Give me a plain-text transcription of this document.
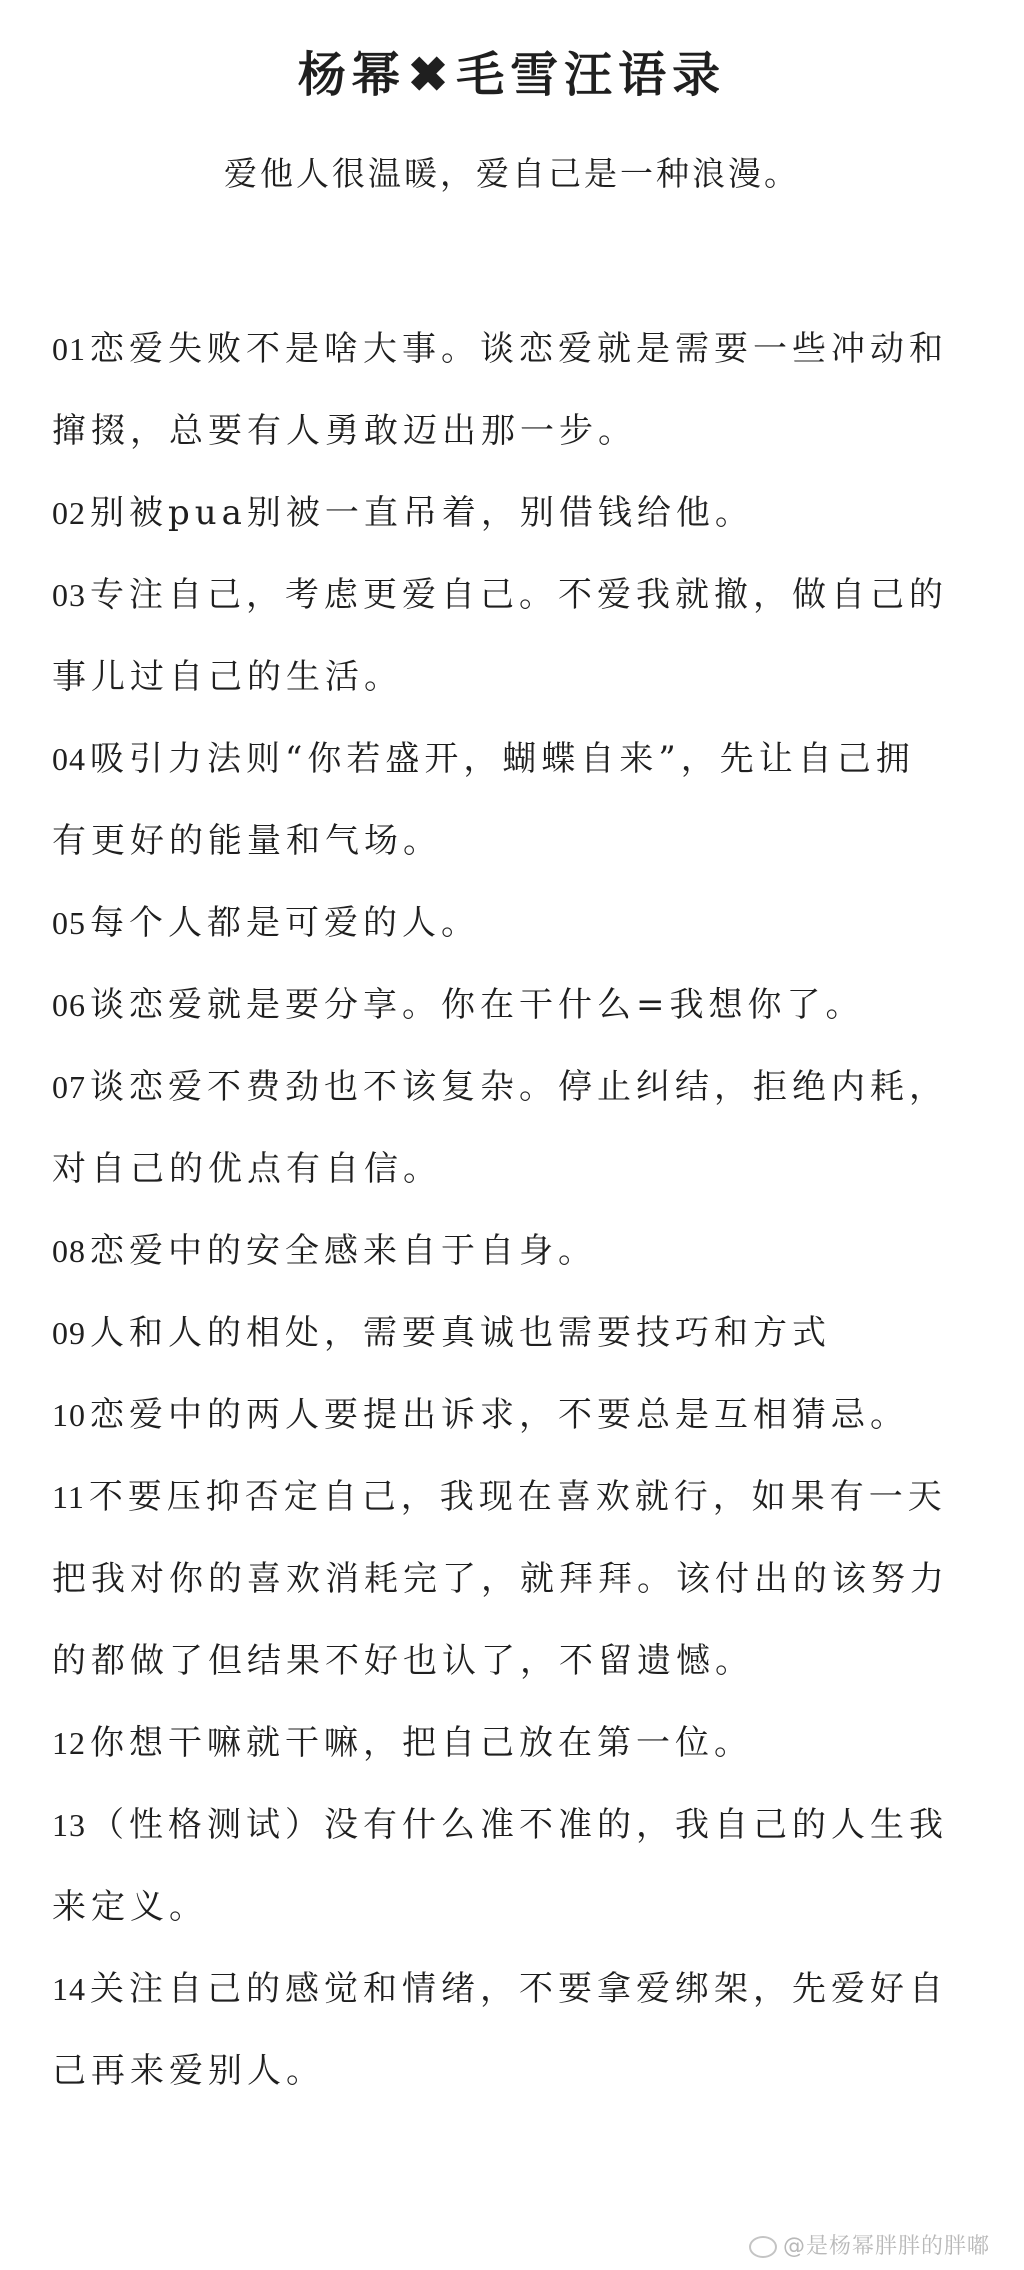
杨幂✖毛雪汪语录
爱他人很温暖，爱自己是一种浪漫。
01 恋爱失败不是啥大事。谈恋爱就是需要一些冲动和撺掇，总要有人勇敢迈出那一步。
02 别被pua别被一直吊着，别借钱给他。
03 专注自己，考虑更爱自己。不爱我就撤，做自己的事儿过自己的生活。
04 吸引力法则“你若盛开，蝴蝶自来”，先让自己拥有更好的能量和气场。
05 每个人都是可爱的人。
06 谈恋爱就是要分享。你在干什么=我想你了。
07 谈恋爱不费劲也不该复杂。停止纠结，拒绝内耗，对自己的优点有自信。
08 恋爱中的安全感来自于自身。
09 人和人的相处，需要真诚也需要技巧和方式
10 恋爱中的两人要提出诉求，不要总是互相猜忌。
11 不要压抑否定自己，我现在喜欢就行，如果有一天把我对你的喜欢消耗完了，就拜拜。该付出的该努力的都做了但结果不好也认了，不留遗憾。
12 你想干嘛就干嘛，把自己放在第一位。
13 （性格测试）没有什么准不准的，我自己的人生我来定义。
14 关注自己的感觉和情绪，不要拿爱绑架，先爱好自己再来爱别人。
@是杨幂胖胖的胖嘟
